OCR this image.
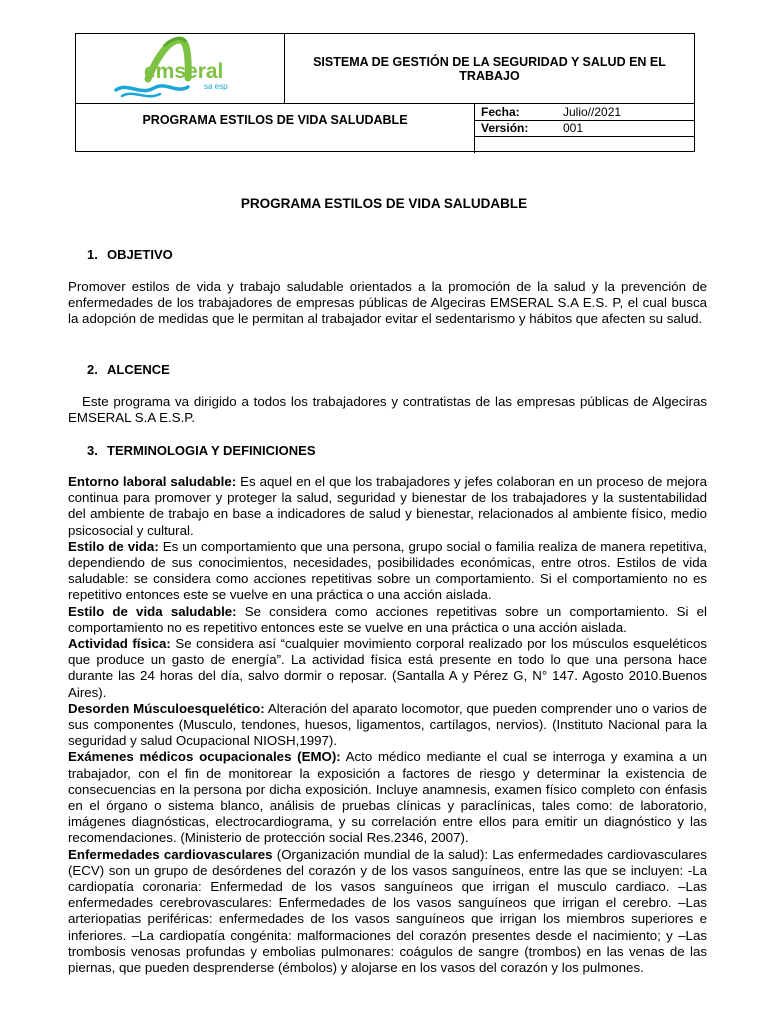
emseral
sa esp
SISTEMA DE GESTIÓN DE LA SEGURIDAD Y SALUD EN EL TRABAJO
PROGRAMA ESTILOS DE VIDA SALUDABLE
Fecha:	Julio//2021
Versión:	001
PROGRAMA ESTILOS DE VIDA SALUDABLE
1. OBJETIVO
Promover estilos de vida y trabajo saludable orientados a la promoción de la salud y la prevención de enfermedades de los trabajadores de empresas públicas de Algeciras EMSERAL S.A E.S. P, el cual busca la adopción de medidas que le permitan al trabajador evitar el sedentarismo y hábitos que afecten su salud.
2. ALCENCE
Este programa va dirigido a todos los trabajadores y contratistas de las empresas públicas de Algeciras EMSERAL S.A E.S.P.
3. TERMINOLOGIA Y DEFINICIONES

Entorno laboral saludable: Es aquel en el que los trabajadores y jefes colaboran en un proceso de mejora continua para promover y proteger la salud, seguridad y bienestar de los trabajadores y la sustentabilidad del ambiente de trabajo en base a indicadores de salud y bienestar, relacionados al ambiente físico, medio psicosocial y cultural.

Estilo de vida: Es un comportamiento que una persona, grupo social o familia realiza de manera repetitiva, dependiendo de sus conocimientos, necesidades, posibilidades económicas, entre otros. Estilos de vida saludable: se considera como acciones repetitivas sobre un comportamiento. Si el comportamiento no es repetitivo entonces este se vuelve en una práctica o una acción aislada.

Estilo de vida saludable: Se considera como acciones repetitivas sobre un comportamiento. Si el comportamiento no es repetitivo entonces este se vuelve en una práctica o una acción aislada.

Actividad física: Se considera así “cualquier movimiento corporal realizado por los músculos esqueléticos que produce un gasto de energía”. La actividad física está presente en todo lo que una persona hace durante las 24 horas del día, salvo dormir o reposar. (Santalla A y Pérez G, N° 147. Agosto 2010.Buenos Aires).

Desorden Músculoesquelético: Alteración del aparato locomotor, que pueden comprender uno o varios de sus componentes (Musculo, tendones, huesos, ligamentos, cartílagos, nervios). (Instituto Nacional para la seguridad y salud Ocupacional NIOSH,1997).

Exámenes médicos ocupacionales (EMO): Acto médico mediante el cual se interroga y examina a un trabajador, con el fin de monitorear la exposición a factores de riesgo y determinar la existencia de consecuencias en la persona por dicha exposición. Incluye anamnesis, examen físico completo con énfasis en el órgano o sistema blanco, análisis de pruebas clínicas y paraclínicas, tales como: de laboratorio, imágenes diagnósticas, electrocardiograma, y su correlación entre ellos para emitir un diagnóstico y las recomendaciones. (Ministerio de protección social Res.2346, 2007).

Enfermedades cardiovasculares (Organización mundial de la salud): Las enfermedades cardiovasculares (ECV) son un grupo de desórdenes del corazón y de los vasos sanguíneos, entre las que se incluyen: -La cardiopatía coronaria: Enfermedad de los vasos sanguíneos que irrigan el musculo cardiaco. –Las enfermedades cerebrovasculares: Enfermedades de los vasos sanguíneos que irrigan el cerebro. –Las arteriopatias periféricas: enfermedades de los vasos sanguíneos que irrigan los miembros superiores e inferiores. –La cardiopatía congénita: malformaciones del corazón presentes desde el nacimiento; y –Las trombosis venosas profundas y embolias pulmonares: coágulos de sangre (trombos) en las venas de las piernas, que pueden desprenderse (émbolos) y alojarse en los vasos del corazón y los pulmones.
